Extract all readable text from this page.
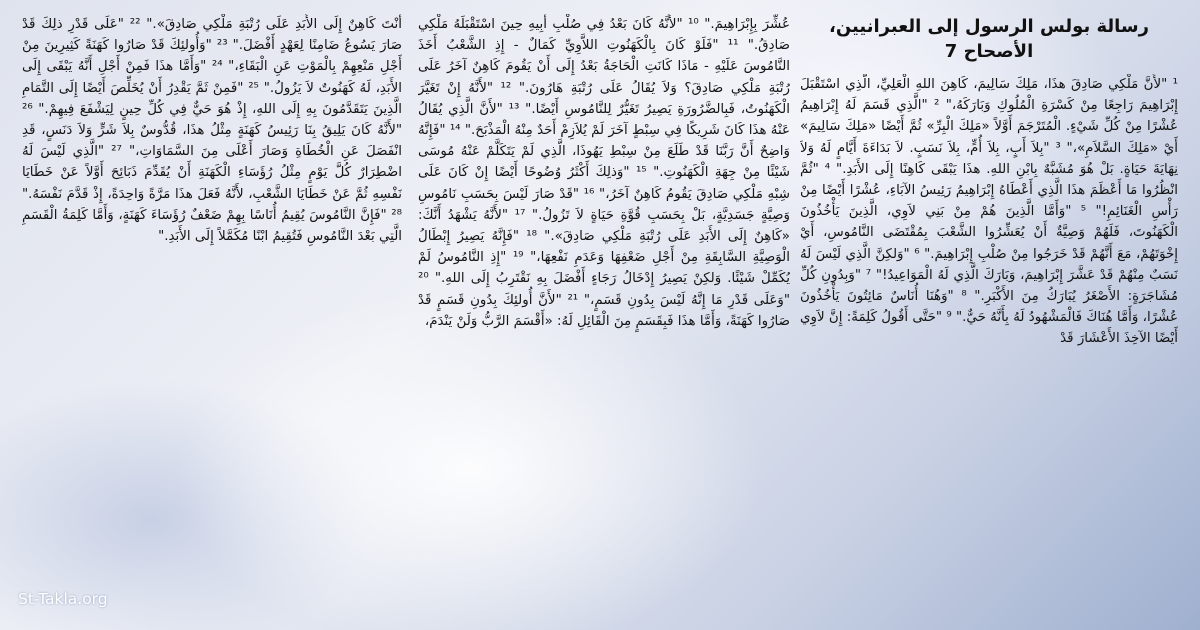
رسالة بولس الرسول إلى العبرانيين، الأصحاح 7
¹ "لأَنَّ مَلْكِي صَادِقَ هذَا، مَلِكَ سَالِيمَ، كَاهِنَ اللهِ الْعَلِيِّ، الَّذِي اسْتَقْبَلَ إِبْرَاهِيمَ رَاجِعًا مِنْ كَسْرَةِ الْمُلُوكِ وَبَارَكَهُ،" ² "الَّذِي قَسَمَ لَهُ إِبْرَاهِيمُ عُشْرًا مِنْ كُلِّ شَيْءٍ. الْمُتَرْجَمَ أَوَّلاً «مَلِكَ الْبِرِّ» ثُمَّ أَيْضًا «مَلِكَ سَالِيمَ» أَيْ «مَلِكَ السَّلاَمِ»،" ³ "بِلاَ أَبٍ، بِلاَ أُمٍّ، بِلاَ نَسَبٍ. لاَ بَدَاءَةَ أَيَّامٍ لَهُ وَلاَ نِهَايَةَ حَيَاةٍ. بَلْ هُوَ مُشَبَّهٌ بِابْنِ اللهِ. هذَا يَبْقَى كَاهِنًا إِلَى الأَبَدِ." ⁴ "ثُمَّ انْظُرُوا مَا أَعْظَمَ هذَا الَّذِي أَعْطَاهُ إِبْرَاهِيمُ رَئِيسُ الآبَاءِ، عُشْرًا أَيْضًا مِنْ رَأْسِ الْغَنَائِمِ!" ⁵ "وَأَمَّا الَّذِينَ هُمْ مِنْ بَنِي لاَوِي، الَّذِينَ يَأْخُذُونَ الْكَهَنُوتَ، فَلَهُمْ وَصِيَّةٌ أَنْ يُعَشِّرُوا الشَّعْبَ بِمُقْتَضَى النَّامُوسِ، أَيْ إِخْوَتَهُمْ، مَعَ أَنَّهُمْ قَدْ خَرَجُوا مِنْ صُلْبِ إِبْرَاهِيمَ." ⁶ "وَلكِنَّ الَّذِي لَيْسَ لَهُ نَسَبٌ مِنْهُمْ قَدْ عَشَّرَ إِبْرَاهِيمَ، وَبَارَكَ الَّذِي لَهُ الْمَوَاعِيدُ!" ⁷ "وَبِدُونِ كُلِّ مُشَاجَرَةٍ: الأَصْغَرُ يُبَارَكُ مِنَ الأَكْبَرِ." ⁸ "وَهُنَا أُنَاسٌ مَائِتُونَ يَأْخُذُونَ عُشْرًا، وَأَمَّا هُنَاكَ فَالْمَشْهُودُ لَهُ بِأَنَّهُ حَيٌّ." ⁹ "حَتَّى أَقُولُ كَلِمَةً: إِنَّ لاَوِي أَيْضًا الآخِذَ الأَعْشَارَ قَدْ
عُشِّرَ بِإِبْرَاهِيمَ." ¹⁰ "لأَنَّهُ كَانَ بَعْدُ فِي صُلْبِ أَبِيهِ حِينَ اسْتَقْبَلَهُ مَلْكِي صَادِقُ." ¹¹ "فَلَوْ كَانَ بِالْكَهَنُوتِ اللاَّوِيِّ كَمَالٌ - إِذِ الشَّعْبُ أَخَذَ النَّامُوسَ عَلَيْهِ - مَاذَا كَانَتِ الْحَاجَةُ بَعْدُ إِلَى أَنْ يَقُومَ كَاهِنٌ آخَرُ عَلَى رُتْبَةِ مَلْكِي صَادِقَ؟ وَلاَ يُقَالُ عَلَى رُتْبَةِ هَارُونَ." ¹² "لأَنَّهُ إِنْ تَغَيَّرَ الْكَهَنُوتُ، فَبِالضَّرُورَةِ يَصِيرُ تَغَيُّرٌ لِلنَّامُوسِ أَيْضًا." ¹³ "لأَنَّ الَّذِي يُقَالُ عَنْهُ هذَا كَانَ شَرِيكًا فِي سِبْطٍ آخَرَ لَمْ يُلاَزِمْ أَحَدٌ مِنْهُ الْمَذْبَحَ." ¹⁴ "فَإِنَّهُ وَاضِحٌ أَنَّ رَبَّنَا قَدْ طَلَعَ مِنْ سِبْطِ يَهُوذَا، الَّذِي لَمْ يَتَكَلَّمْ عَنْهُ مُوسَى شَيْئًا مِنْ جِهَةِ الْكَهَنُوتِ." ¹⁵ "وَذلِكَ أَكْثَرُ وُضُوحًا أَيْضًا إِنْ كَانَ عَلَى شِبْهِ مَلْكِي صَادِقَ يَقُومُ كَاهِنٌ آخَرُ،" ¹⁶ "قَدْ صَارَ لَيْسَ بِحَسَبِ نَامُوسِ وَصِيَّةٍ جَسَدِيَّةٍ، بَلْ بِحَسَبِ قُوَّةِ حَيَاةٍ لاَ تَزُولُ." ¹⁷ "لأَنَّهُ يَشْهَدُ أَنَّكَ: «كَاهِنٌ إِلَى الأَبَدِ عَلَى رُتْبَةِ مَلْكِي صَادِقَ»." ¹⁸ "فَإِنَّهُ يَصِيرُ إِبْطَالُ الْوَصِيَّةِ السَّابِقَةِ مِنْ أَجْلِ ضَعْفِهَا وَعَدَمِ نَفْعِهَا،" ¹⁹ "إِذِ النَّامُوسُ لَمْ يُكَمِّلْ شَيْئًا. وَلكِنْ يَصِيرُ إِدْخَالُ رَجَاءٍ أَفْضَلَ بِهِ نَقْتَرِبُ إِلَى اللهِ." ²⁰ "وَعَلَى قَدْرِ مَا إِنَّهُ لَيْسَ بِدُونِ قَسَمٍ،" ²¹ "لأَنَّ أُولئِكَ بِدُونِ قَسَمٍ قَدْ صَارُوا كَهَنَةً، وَأَمَّا هذَا فَبِقَسَمٍ مِنَ الْقَائِلِ لَهُ: «أَقْسَمَ الرَّبُّ وَلَنْ يَنْدَمَ،
أَنْتَ كَاهِنٌ إِلَى الأَبَدِ عَلَى رُتْبَةِ مَلْكِي صَادِقَ»." ²² "عَلَى قَدْرِ ذلِكَ قَدْ صَارَ يَسُوعُ ضَامِنًا لِعَهْدٍ أَفْضَلَ." ²³ "وَأُولئِكَ قَدْ صَارُوا كَهَنَةً كَثِيرِينَ مِنْ أَجْلِ مَنْعِهِمْ بِالْمَوْتِ عَنِ الْبَقَاءِ،" ²⁴ "وَأَمَّا هذَا فَمِنْ أَجْلِ أَنَّهُ يَبْقَى إِلَى الأَبَدِ، لَهُ كَهَنُوتٌ لاَ يَزُولُ." ²⁵ "فَمِنْ ثَمَّ يَقْدِرُ أَنْ يُخَلِّصَ أَيْضًا إِلَى التَّمَامِ الَّذِينَ يَتَقَدَّمُونَ بِهِ إِلَى اللهِ، إِذْ هُوَ حَيٌّ فِي كُلِّ حِينٍ لِيَشْفَعَ فِيهِمْ." ²⁶ "لأَنَّهُ كَانَ يَلِيقُ بِنَا رَئِيسُ كَهَنَةٍ مِثْلُ هذَا، قُدُّوسٌ بِلاَ شَرٍّ وَلاَ دَنَسٍ، قَدِ انْفَصَلَ عَنِ الْخُطَاةِ وَصَارَ أَعْلَى مِنَ السَّمَاوَاتِ،" ²⁷ "الَّذِي لَيْسَ لَهُ اضْطِرَارٌ كُلَّ يَوْمٍ مِثْلُ رُؤَسَاءِ الْكَهَنَةِ أَنْ يُقَدِّمَ ذَبَائِحَ أَوَّلاً عَنْ خَطَايَا نَفْسِهِ ثُمَّ عَنْ خَطَايَا الشَّعْبِ، لأَنَّهُ فَعَلَ هذَا مَرَّةً وَاحِدَةً، إِذْ قَدَّمَ نَفْسَهُ." ²⁸ "فَإِنَّ النَّامُوسَ يُقِيمُ أُنَاسًا بِهِمْ ضَعْفٌ رُؤَسَاءَ كَهَنَةٍ، وَأَمَّا كَلِمَةُ الْقَسَمِ الَّتِي بَعْدَ النَّامُوسِ فَتُقِيمُ ابْنًا مُكَمَّلاً إِلَى الأَبَدِ."
St-Takla.org
